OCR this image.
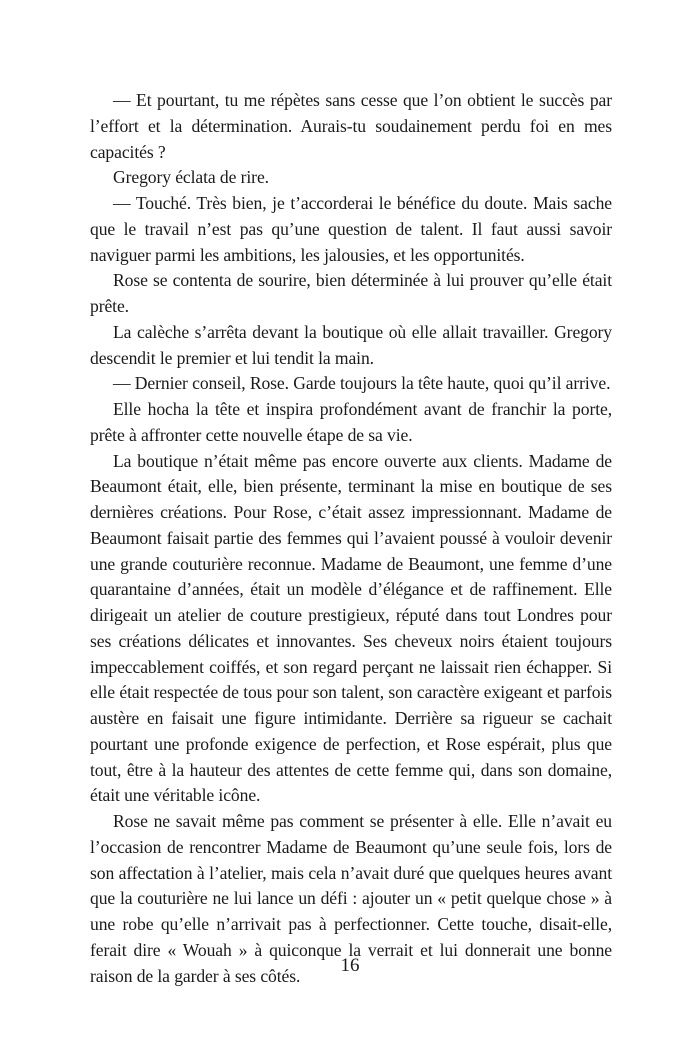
— Et pourtant, tu me répètes sans cesse que l’on obtient le succès par l’effort et la détermination. Aurais-tu soudainement perdu foi en mes capacités ?

Gregory éclata de rire.

— Touché. Très bien, je t’accorderai le bénéfice du doute. Mais sache que le travail n’est pas qu’une question de talent. Il faut aussi savoir naviguer parmi les ambitions, les jalousies, et les opportunités.

Rose se contenta de sourire, bien déterminée à lui prouver qu’elle était prête.

La calèche s’arrêta devant la boutique où elle allait travailler. Gregory descendit le premier et lui tendit la main.

— Dernier conseil, Rose. Garde toujours la tête haute, quoi qu’il arrive.

Elle hocha la tête et inspira profondément avant de franchir la porte, prête à affronter cette nouvelle étape de sa vie.

La boutique n’était même pas encore ouverte aux clients. Madame de Beaumont était, elle, bien présente, terminant la mise en boutique de ses dernières créations. Pour Rose, c’était assez impressionnant. Madame de Beaumont faisait partie des femmes qui l’avaient poussé à vouloir devenir une grande couturière reconnue. Madame de Beaumont, une femme d’une quarantaine d’années, était un modèle d’élégance et de raffinement. Elle dirigeait un atelier de couture prestigieux, réputé dans tout Londres pour ses créations délicates et innovantes. Ses cheveux noirs étaient toujours impeccablement coiffés, et son regard perçant ne laissait rien échapper. Si elle était respectée de tous pour son talent, son caractère exigeant et parfois austère en faisait une figure intimidante. Derrière sa rigueur se cachait pourtant une profonde exigence de perfection, et Rose espérait, plus que tout, être à la hauteur des attentes de cette femme qui, dans son domaine, était une véritable icône.

Rose ne savait même pas comment se présenter à elle. Elle n’avait eu l’occasion de rencontrer Madame de Beaumont qu’une seule fois, lors de son affectation à l’atelier, mais cela n’avait duré que quelques heures avant que la couturière ne lui lance un défi : ajouter un « petit quelque chose » à une robe qu’elle n’arrivait pas à perfectionner. Cette touche, disait-elle, ferait dire « Wouah » à quiconque la verrait et lui donnerait une bonne raison de la garder à ses côtés.	16
